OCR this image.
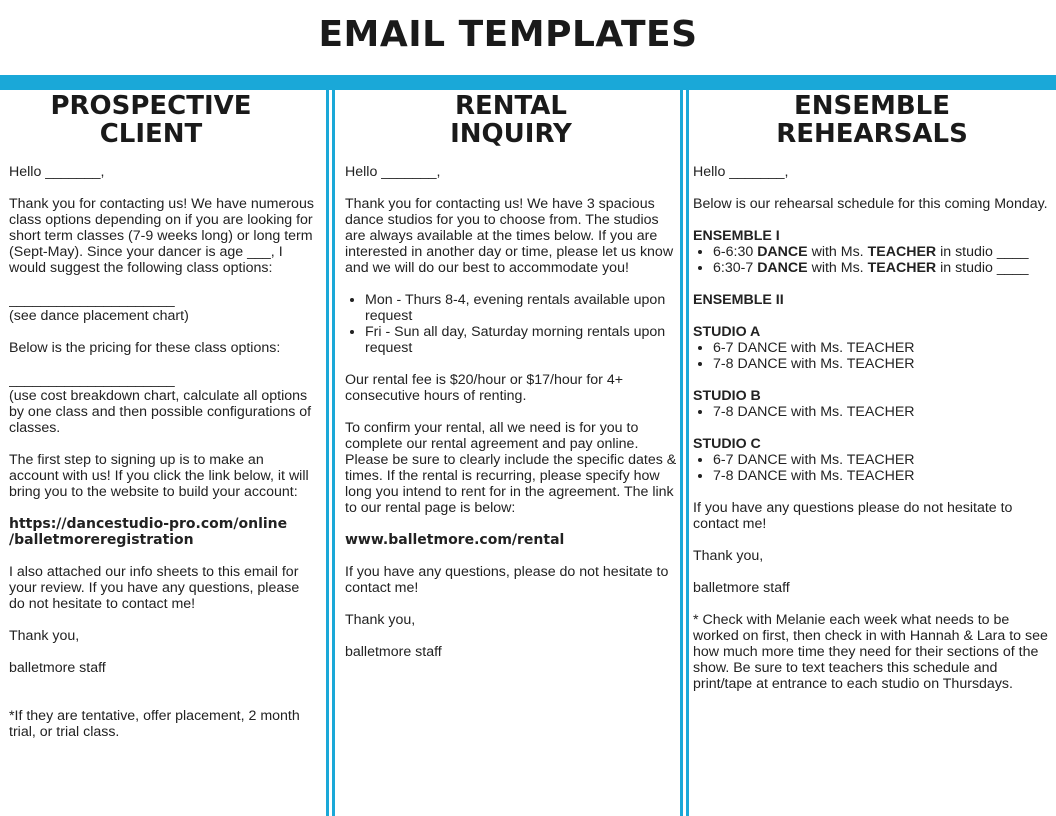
EMAIL TEMPLATES
PROSPECTIVE
CLIENT

Hello _______,

Thank you for contacting us! We have numerous class options depending on if you are looking for short term classes (7-9 weeks long) or long term (Sept-May). Since your dancer is age ___, I would suggest the following class options:

_____________________

(see dance placement chart)

Below is the pricing for these class options:

_____________________

(use cost breakdown chart, calculate all options by one class and then possible configurations of classes.

The first step to signing up is to make an account with us! If you click the link below, it will bring you to the website to build your account:

https://dancestudio-pro.com/online
/balletmoreregistration

I also attached our info sheets to this email for your review. If you have any questions, please do not hesitate to contact me!

Thank you,

balletmore staff

*If they are tentative, offer placement, 2 month trial, or trial class.

RENTAL
INQUIRY

Hello _______,

Thank you for contacting us! We have 3 spacious dance studios for you to choose from. The studios are always available at the times below. If you are interested in another day or time, please let us know and we will do our best to accommodate you!

• Mon - Thurs 8-4, evening rentals available upon request
• Fri - Sun all day, Saturday morning rentals upon request

Our rental fee is $20/hour or $17/hour for 4+ consecutive hours of renting.

To confirm your rental, all we need is for you to complete our rental agreement and pay online. Please be sure to clearly include the specific dates & times. If the rental is recurring, please specify how long you intend to rent for in the agreement. The link to our rental page is below:

www.balletmore.com/rental

If you have any questions, please do not hesitate to contact me!

Thank you,

balletmore staff

ENSEMBLE
REHEARSALS

Hello _______,

Below is our rehearsal schedule for this coming Monday.

ENSEMBLE I

• 6-6:30 DANCE with Ms. TEACHER in studio ____
• 6:30-7 DANCE with Ms. TEACHER in studio ____

ENSEMBLE II

STUDIO A

• 6-7 DANCE with Ms. TEACHER
• 7-8 DANCE with Ms. TEACHER

STUDIO B

• 7-8 DANCE with Ms. TEACHER

STUDIO C

• 6-7 DANCE with Ms. TEACHER
• 7-8 DANCE with Ms. TEACHER

If you have any questions please do not hesitate to contact me!

Thank you,

balletmore staff

* Check with Melanie each week what needs to be worked on first, then check in with Hannah & Lara to see how much more time they need for their sections of the show. Be sure to text teachers this schedule and print/tape at entrance to each studio on Thursdays.
